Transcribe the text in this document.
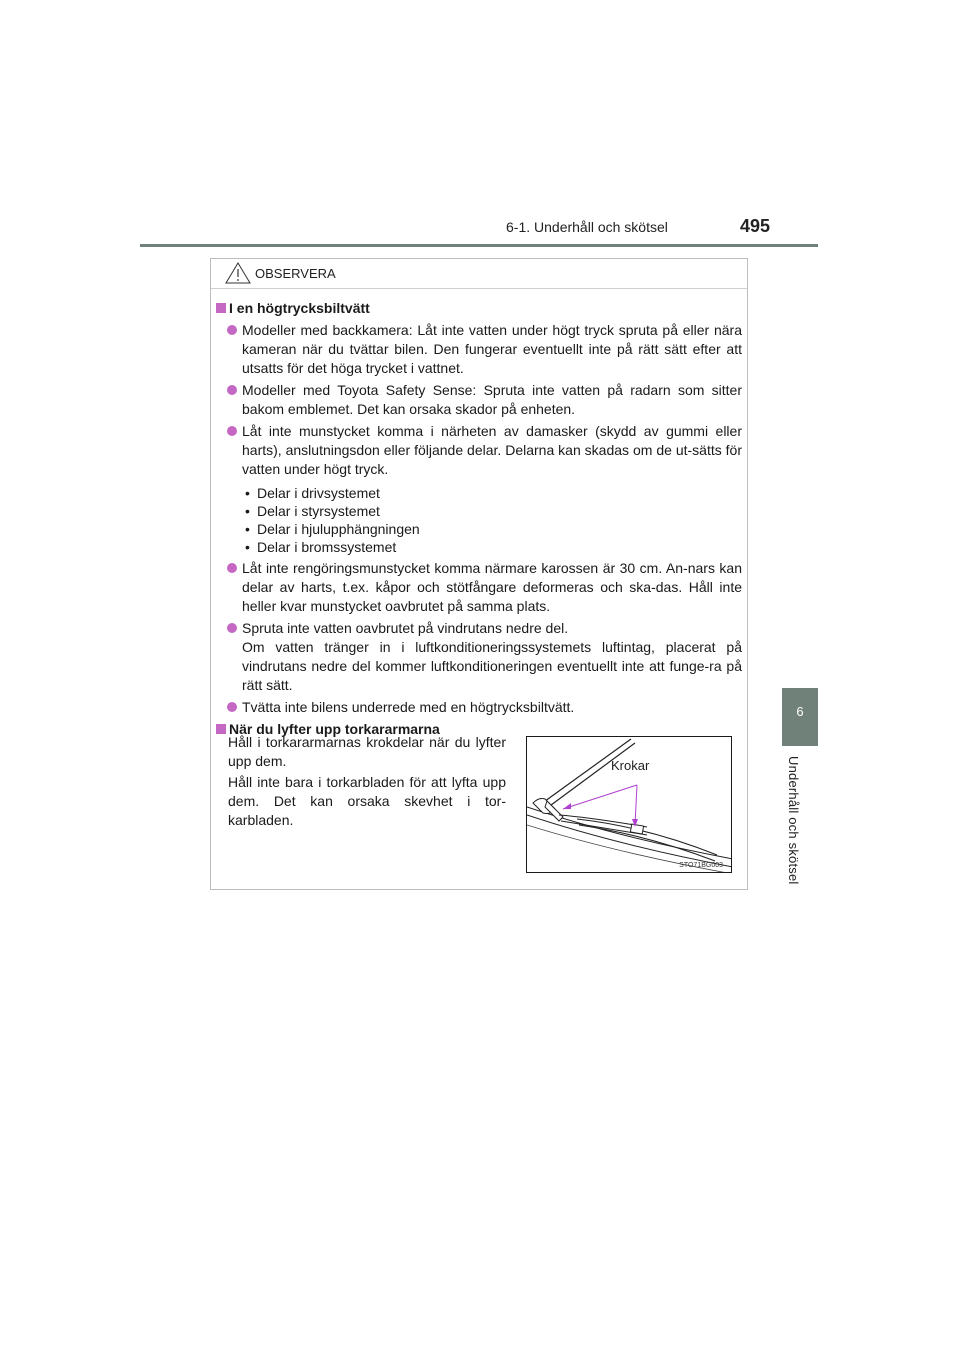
6-1. Underhåll och skötsel	495
6
Underhåll och skötsel
OBSERVERA
I en högtrycksbiltvätt
Modeller med backkamera: Låt inte vatten under högt tryck spruta på eller nära kameran när du tvättar bilen. Den fungerar eventuellt inte på rätt sätt efter att utsatts för det höga trycket i vattnet.
Modeller med Toyota Safety Sense: Spruta inte vatten på radarn som sitter bakom emblemet. Det kan orsaka skador på enheten.
Låt inte munstycket komma i närheten av damasker (skydd av gummi eller harts), anslutningsdon eller följande delar. Delarna kan skadas om de ut-sätts för vatten under högt tryck.
• Delar i drivsystemet
• Delar i styrsystemet
• Delar i hjulupphängningen
• Delar i bromssystemet
Låt inte rengöringsmunstycket komma närmare karossen är 30 cm. An-nars kan delar av harts, t.ex. kåpor och stötfångare deformeras och ska-das. Håll inte heller kvar munstycket oavbrutet på samma plats.
Spruta inte vatten oavbrutet på vindrutans nedre del.
Om vatten tränger in i luftkonditioneringssystemets luftintag, placerat på vindrutans nedre del kommer luftkonditioneringen eventuellt inte att funge-ra på rätt sätt.
Tvätta inte bilens underrede med en högtrycksbiltvätt.
När du lyfter upp torkararmarna
Håll i torkararmarnas krokdelar när du lyfter upp dem.
Håll inte bara i torkarbladen för att lyfta upp dem. Det kan orsaka skevhet i tor-karbladen.
Krokar
STO71BG003
